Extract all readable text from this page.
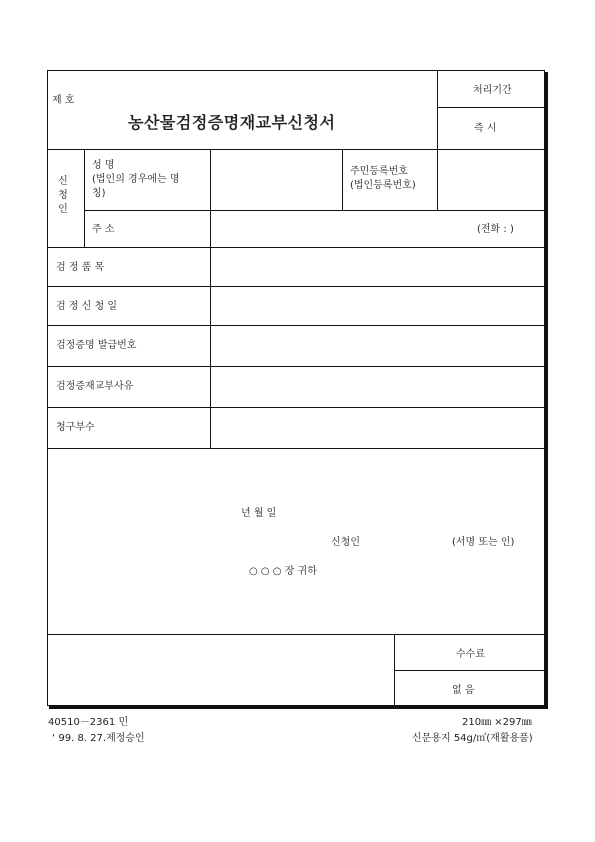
제 호
농산물검정증명재교부신청서
처리기간
즉 시
신청인
성 명
(법인의 경우에는 명
칭)
주민등록번호
(법인등록번호)
주 소	(전화 : )
검 정 품 목
검 정 신 청 일
검정증명 발급번호
검정증재교부사유
청구부수
년 월 일
신청인	(서명 또는 인)
○ ○ ○ 장 귀하
수수료
없 음
40510－2361 민
‘ 99. 8. 27.제정승인
210㎜ ×297㎜
신문용지 54g/㎡(재활용품)
